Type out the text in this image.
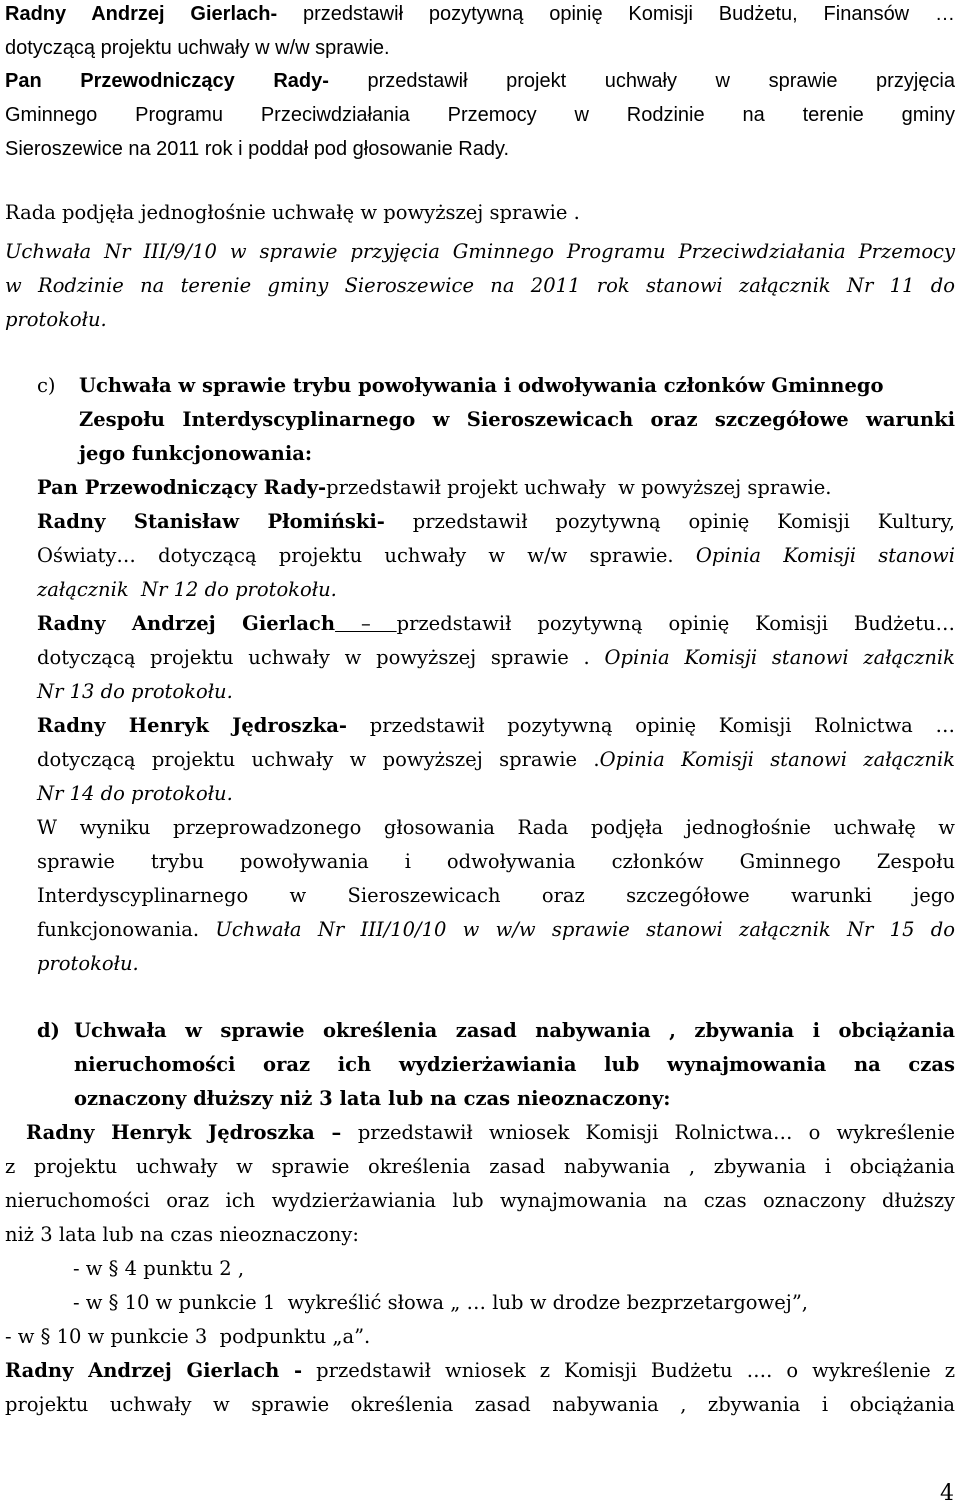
Radny Andrzej Gierlach- przedstawił pozytywną opinię Komisji Budżetu, Finansów …
dotyczącą projektu uchwały w w/w sprawie.
Pan Przewodniczący Rady- przedstawił projekt uchwały w sprawie przyjęcia
Gminnego Programu Przeciwdziałania Przemocy w Rodzinie na terenie gminy
Sieroszewice na 2011 rok i poddał pod głosowanie Rady.
Rada podjęła jednogłośnie uchwałę w powyższej sprawie .
Uchwała Nr III/9/10 w sprawie przyjęcia Gminnego Programu Przeciwdziałania Przemocy
w Rodzinie na terenie gminy Sieroszewice na 2011 rok stanowi załącznik Nr 11 do
protokołu.
c) Uchwała w sprawie trybu powoływania i odwoływania członków Gminnego
Zespołu Interdyscyplinarnego w Sieroszewicach oraz szczegółowe warunki
jego funkcjonowania:
Pan Przewodniczący Rady-przedstawił projekt uchwały  w powyższej sprawie.
Radny Stanisław Płomiński- przedstawił pozytywną opinię Komisji Kultury,
Oświaty… dotyczącą projektu uchwały w w/w sprawie. Opinia Komisji stanowi
załącznik  Nr 12 do protokołu.
Radny Andrzej Gierlach – przedstawił pozytywną opinię Komisji Budżetu…
dotyczącą projektu uchwały w powyższej sprawie . Opinia Komisji stanowi załącznik
Nr 13 do protokołu.
Radny Henryk Jędroszka- przedstawił pozytywną opinię Komisji Rolnictwa …
dotyczącą projektu uchwały w powyższej sprawie .Opinia Komisji stanowi załącznik
Nr 14 do protokołu.
W wyniku przeprowadzonego głosowania Rada podjęła jednogłośnie uchwałę w
sprawie trybu powoływania i odwoływania członków Gminnego Zespołu
Interdyscyplinarnego w Sieroszewicach oraz szczegółowe warunki jego
funkcjonowania. Uchwała Nr III/10/10 w w/w sprawie stanowi załącznik Nr 15 do
protokołu.
d) Uchwała w sprawie określenia zasad nabywania , zbywania i obciążania
nieruchomości oraz ich wydzierżawiania lub wynajmowania na czas
oznaczony dłuższy niż 3 lata lub na czas nieoznaczony:
Radny Henryk Jędroszka – przedstawił wniosek Komisji Rolnictwa… o wykreślenie
z projektu uchwały w sprawie określenia zasad nabywania , zbywania i obciążania
nieruchomości oraz ich wydzierżawiania lub wynajmowania na czas oznaczony dłuższy
niż 3 lata lub na czas nieoznaczony:
- w § 4 punktu 2 ,
- w § 10 w punkcie 1  wykreślić słowa „ … lub w drodze bezprzetargowej”,
- w § 10 w punkcie 3  podpunktu „a”.
Radny Andrzej Gierlach - przedstawił wniosek z Komisji Budżetu …. o wykreślenie z
projektu uchwały w sprawie określenia zasad nabywania , zbywania i obciążania
4
